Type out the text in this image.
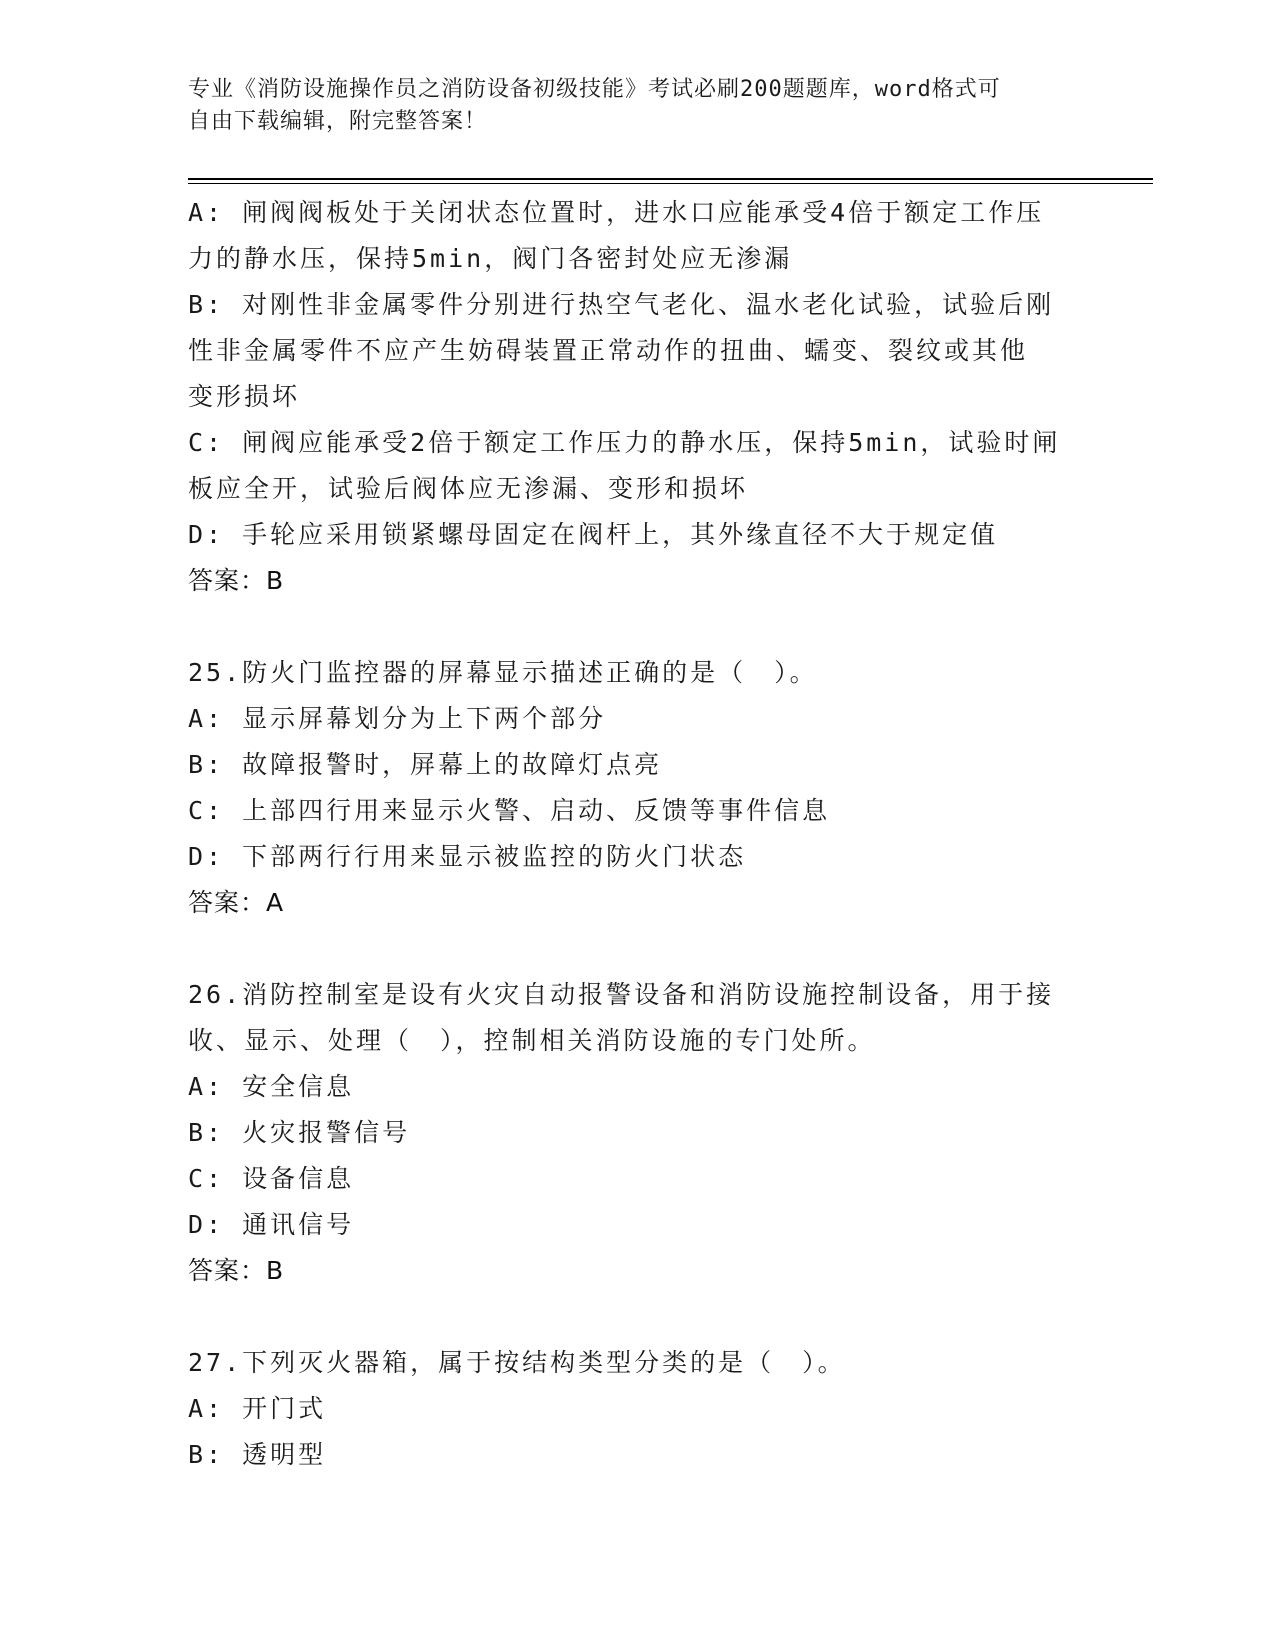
专业《消防设施操作员之消防设备初级技能》考试必刷200题题库，word格式可
自由下载编辑，附完整答案！
A: 闸阀阀板处于关闭状态位置时，进水口应能承受4倍于额定工作压
力的静水压，保持5min，阀门各密封处应无渗漏
B: 对刚性非金属零件分别进行热空气老化、温水老化试验，试验后刚
性非金属零件不应产生妨碍装置正常动作的扭曲、蠕变、裂纹或其他
变形损坏
C: 闸阀应能承受2倍于额定工作压力的静水压，保持5min，试验时闸
板应全开，试验后阀体应无渗漏、变形和损坏
D: 手轮应采用锁紧螺母固定在阀杆上，其外缘直径不大于规定值
答案：B
25.防火门监控器的屏幕显示描述正确的是（　）。
A: 显示屏幕划分为上下两个部分
B: 故障报警时，屏幕上的故障灯点亮
C: 上部四行用来显示火警、启动、反馈等事件信息
D: 下部两行行用来显示被监控的防火门状态
答案：A
26.消防控制室是设有火灾自动报警设备和消防设施控制设备，用于接
收、显示、处理（　），控制相关消防设施的专门处所。
A: 安全信息
B: 火灾报警信号
C: 设备信息
D: 通讯信号
答案：B
27.下列灭火器箱，属于按结构类型分类的是（　）。
A: 开门式
B: 透明型
